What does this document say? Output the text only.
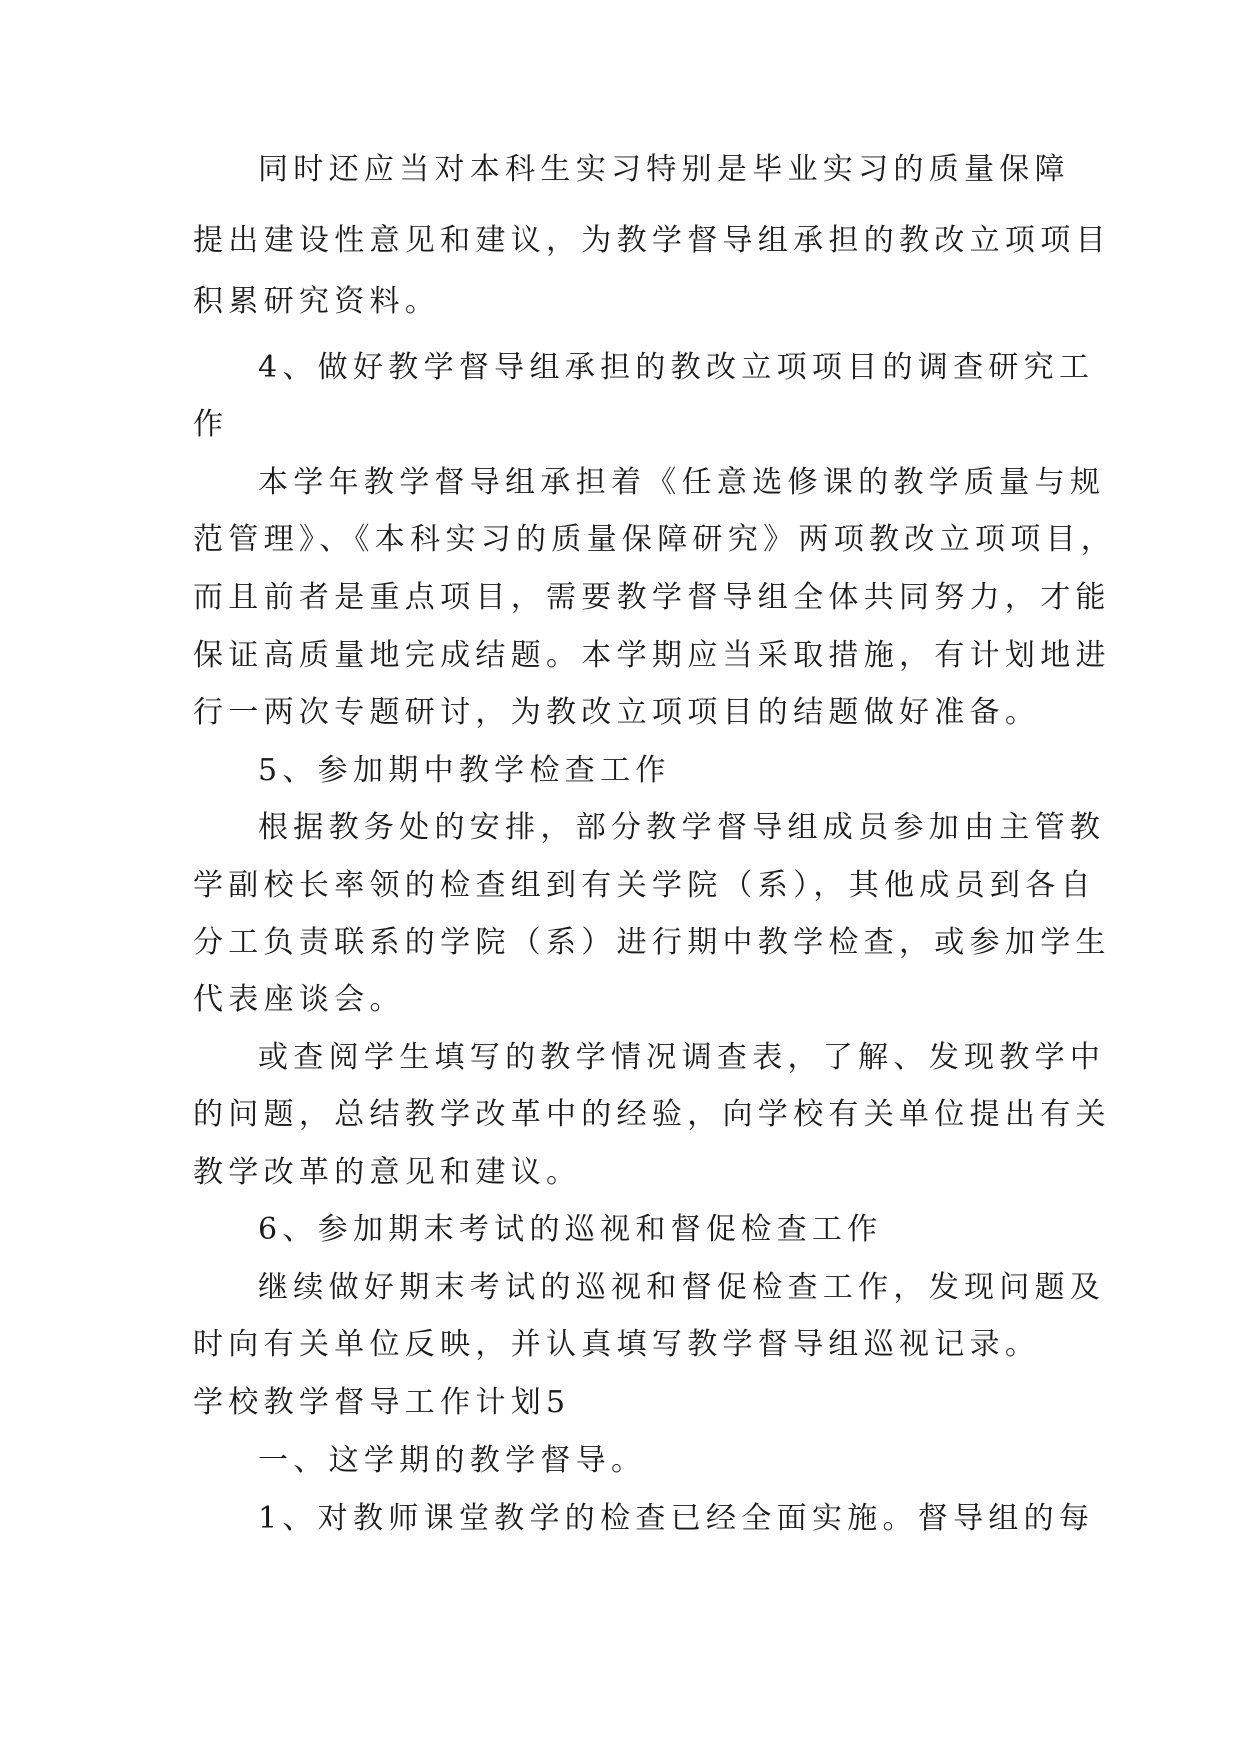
同时还应当对本科生实习特别是毕业实习的质量保障
提出建设性意见和建议，为教学督导组承担的教改立项项目
积累研究资料。
4、做好教学督导组承担的教改立项项目的调查研究工
作
本学年教学督导组承担着《任意选修课的教学质量与规
范管理》、《本科实习的质量保障研究》两项教改立项项目，
而且前者是重点项目，需要教学督导组全体共同努力，才能
保证高质量地完成结题。本学期应当采取措施，有计划地进
行一两次专题研讨，为教改立项项目的结题做好准备。
5、参加期中教学检查工作
根据教务处的安排，部分教学督导组成员参加由主管教
学副校长率领的检查组到有关学院（系），其他成员到各自
分工负责联系的学院（系）进行期中教学检查，或参加学生
代表座谈会。
或查阅学生填写的教学情况调查表，了解、发现教学中
的问题，总结教学改革中的经验，向学校有关单位提出有关
教学改革的意见和建议。
6、参加期末考试的巡视和督促检查工作
继续做好期末考试的巡视和督促检查工作，发现问题及
时向有关单位反映，并认真填写教学督导组巡视记录。
学校教学督导工作计划5
一、这学期的教学督导。
1、对教师课堂教学的检查已经全面实施。督导组的每
